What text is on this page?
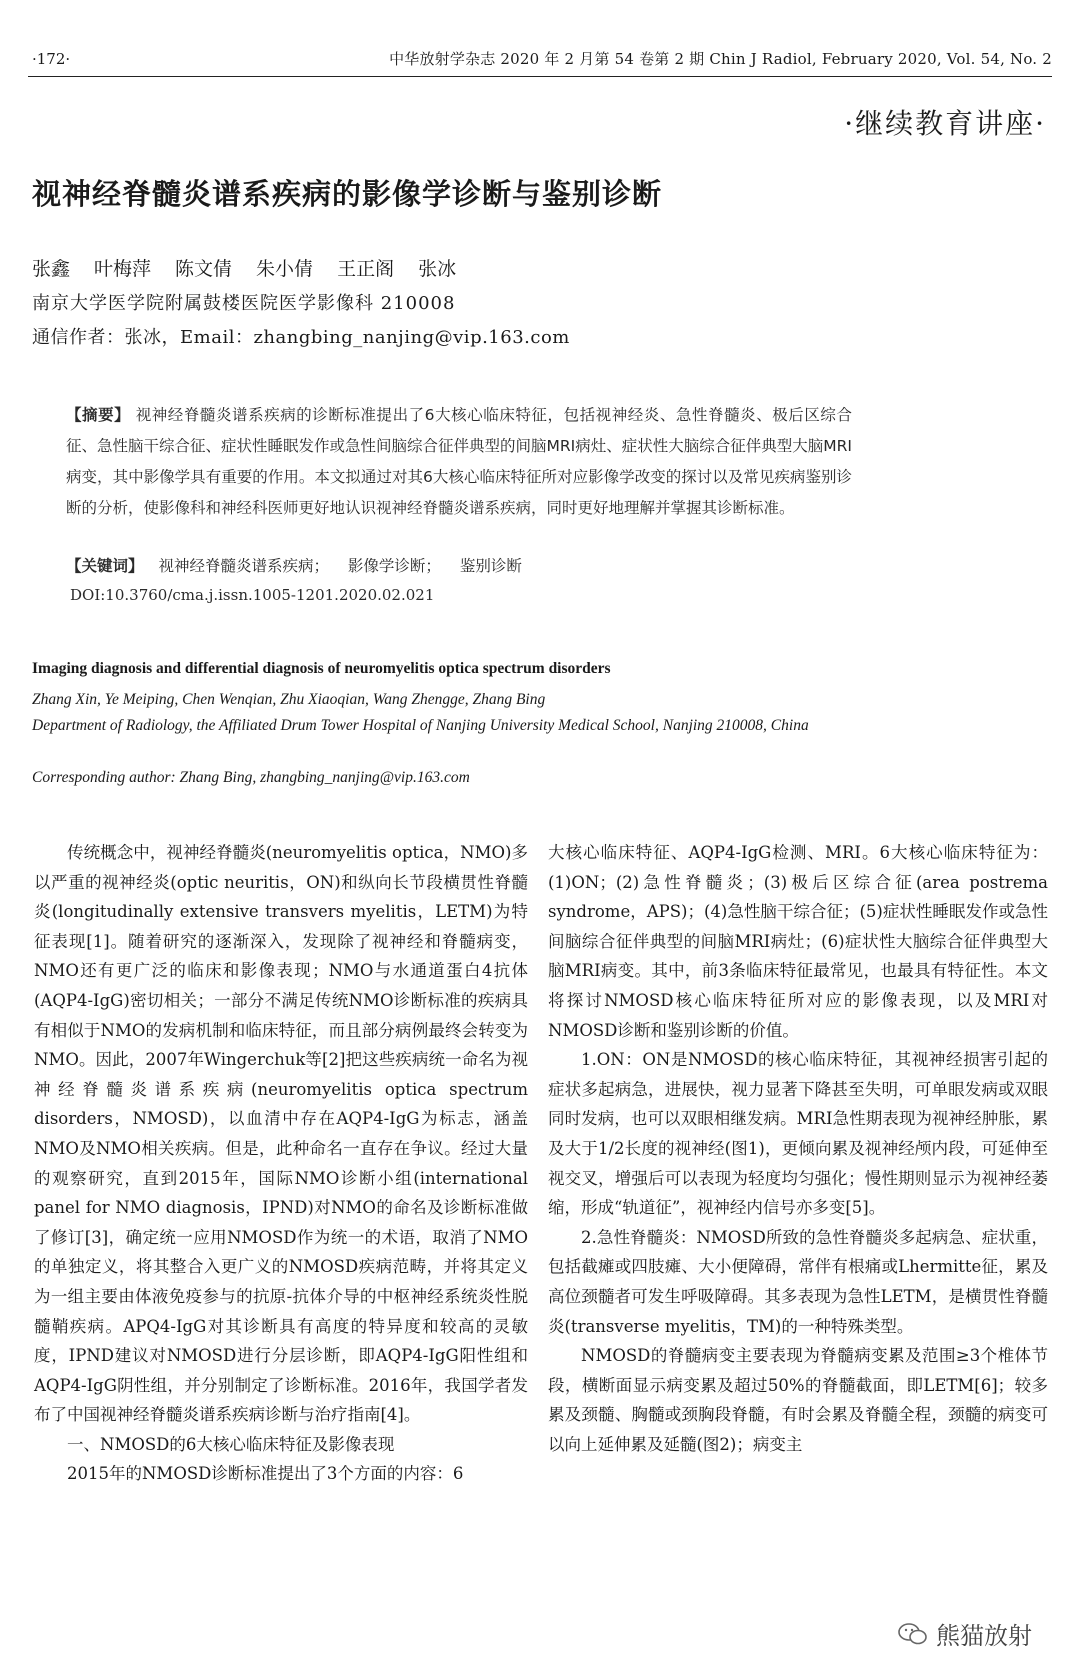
·172·	中华放射学杂志 2020 年 2 月第 54 卷第 2 期 Chin J Radiol, February 2020, Vol. 54, No. 2
·继续教育讲座·
视神经脊髓炎谱系疾病的影像学诊断与鉴别诊断
张鑫 叶梅萍 陈文倩 朱小倩 王正阁 张冰
南京大学医学院附属鼓楼医院医学影像科 210008
通信作者：张冰，Email：zhangbing_nanjing@vip.163.com
【摘要】 视神经脊髓炎谱系疾病的诊断标准提出了6大核心临床特征，包括视神经炎、急性脊髓炎、极后区综合征、急性脑干综合征、症状性睡眠发作或急性间脑综合征伴典型的间脑MRI病灶、症状性大脑综合征伴典型大脑MRI病变，其中影像学具有重要的作用。本文拟通过对其6大核心临床特征所对应影像学改变的探讨以及常见疾病鉴别诊断的分析，使影像科和神经科医师更好地认识视神经脊髓炎谱系疾病，同时更好地理解并掌握其诊断标准。
【关键词】 视神经脊髓炎谱系疾病； 影像学诊断； 鉴别诊断
DOI:10.3760/cma.j.issn.1005-1201.2020.02.021
Imaging diagnosis and differential diagnosis of neuromyelitis optica spectrum disorders
Zhang Xin, Ye Meiping, Chen Wenqian, Zhu Xiaoqian, Wang Zhengge, Zhang Bing
Department of Radiology, the Affiliated Drum Tower Hospital of Nanjing University Medical School, Nanjing 210008, China
Corresponding author: Zhang Bing, zhangbing_nanjing@vip.163.com

传统概念中，视神经脊髓炎(neuromyelitis optica，NMO)多以严重的视神经炎(optic neuritis，ON)和纵向长节段横贯性脊髓炎(longitudinally extensive transvers myelitis，LETM)为特征表现[1]。随着研究的逐渐深入，发现除了视神经和脊髓病变，NMO还有更广泛的临床和影像表现；NMO与水通道蛋白4抗体(AQP4-IgG)密切相关；一部分不满足传统NMO诊断标准的疾病具有相似于NMO的发病机制和临床特征，而且部分病例最终会转变为NMO。因此，2007年Wingerchuk等[2]把这些疾病统一命名为视神经脊髓炎谱系疾病(neuromyelitis optica spectrum disorders，NMOSD)，以血清中存在AQP4-IgG为标志，涵盖NMO及NMO相关疾病。但是，此种命名一直存在争议。经过大量的观察研究，直到2015年，国际NMO诊断小组(international panel for NMO diagnosis，IPND)对NMO的命名及诊断标准做了修订[3]，确定统一应用NMOSD作为统一的术语，取消了NMO的单独定义，将其整合入更广义的NMOSD疾病范畴，并将其定义为一组主要由体液免疫参与的抗原-抗体介导的中枢神经系统炎性脱髓鞘疾病。APQ4-IgG对其诊断具有高度的特异度和较高的灵敏度，IPND建议对NMOSD进行分层诊断，即AQP4-IgG阳性组和AQP4-IgG阴性组，并分别制定了诊断标准。2016年，我国学者发布了中国视神经脊髓炎谱系疾病诊断与治疗指南[4]。

一、NMOSD的6大核心临床特征及影像表现

2015年的NMOSD诊断标准提出了3个方面的内容：6

大核心临床特征、AQP4-IgG检测、MRI。6大核心临床特征为：(1)ON；(2)急性脊髓炎；(3)极后区综合征(area postrema syndrome，APS)；(4)急性脑干综合征；(5)症状性睡眠发作或急性间脑综合征伴典型的间脑MRI病灶；(6)症状性大脑综合征伴典型大脑MRI病变。其中，前3条临床特征最常见，也最具有特征性。本文将探讨NMOSD核心临床特征所对应的影像表现，以及MRI对NMOSD诊断和鉴别诊断的价值。

1.ON：ON是NMOSD的核心临床特征，其视神经损害引起的症状多起病急，进展快，视力显著下降甚至失明，可单眼发病或双眼同时发病，也可以双眼相继发病。MRI急性期表现为视神经肿胀，累及大于1/2长度的视神经(图1)，更倾向累及视神经颅内段，可延伸至视交叉，增强后可以表现为轻度均匀强化；慢性期则显示为视神经萎缩，形成“轨道征”，视神经内信号亦多变[5]。

2.急性脊髓炎：NMOSD所致的急性脊髓炎多起病急、症状重，包括截瘫或四肢瘫、大小便障碍，常伴有根痛或Lhermitte征，累及高位颈髓者可发生呼吸障碍。其多表现为急性LETM，是横贯性脊髓炎(transverse myelitis，TM)的一种特殊类型。

NMOSD的脊髓病变主要表现为脊髓病变累及范围≥3个椎体节段，横断面显示病变累及超过50%的脊髓截面，即LETM[6]；较多累及颈髓、胸髓或颈胸段脊髓，有时会累及脊髓全程，颈髓的病变可以向上延伸累及延髓(图2)；病变主

熊猫放射
